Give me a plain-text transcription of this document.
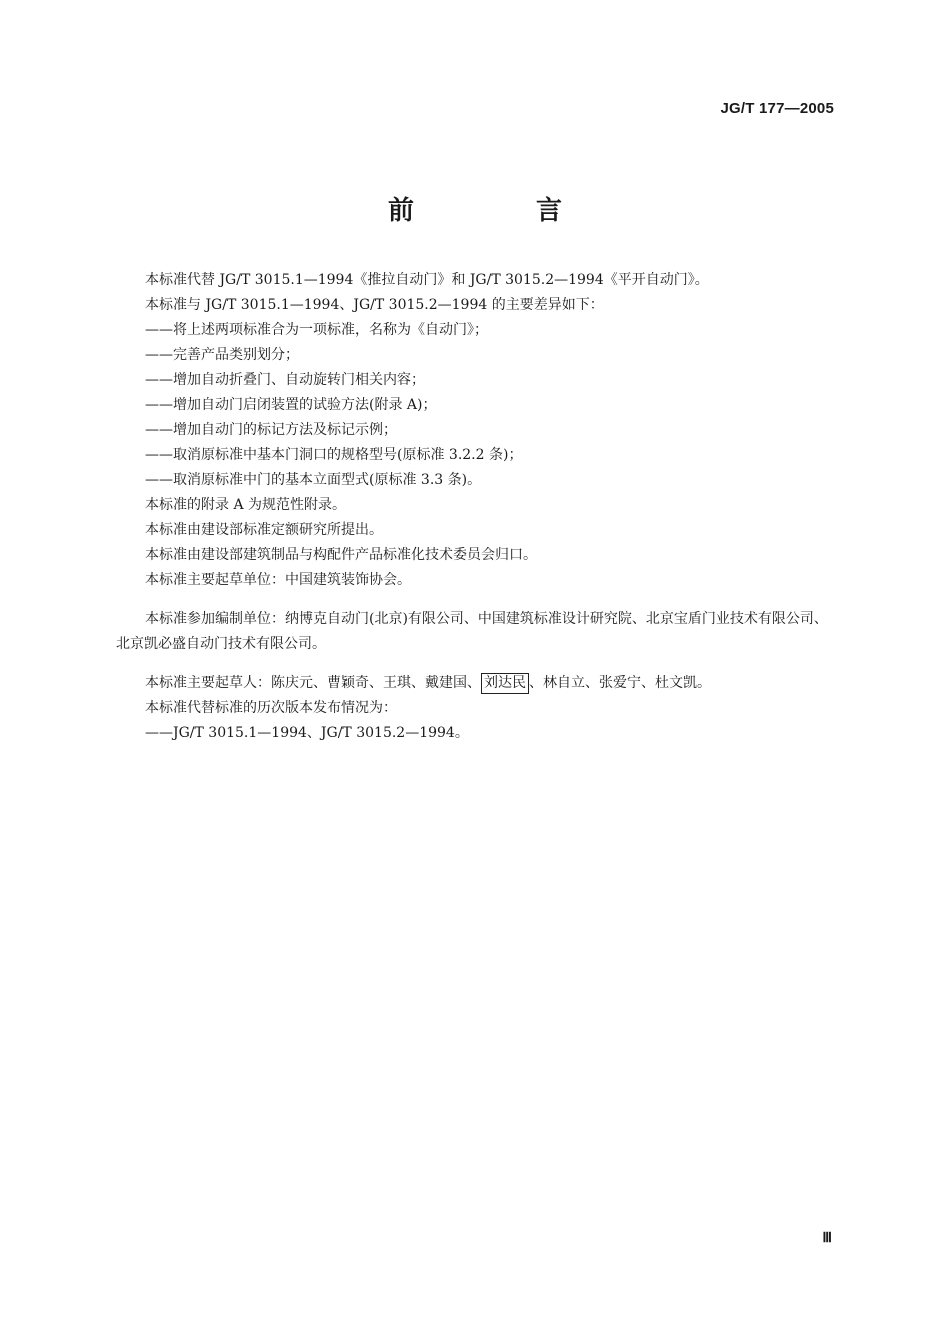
JG/T 177—2005
前　言

本标准代替 JG/T 3015.1—1994《推拉自动门》和 JG/T 3015.2—1994《平开自动门》。

本标准与 JG/T 3015.1—1994、JG/T 3015.2—1994 的主要差异如下：

——将上述两项标准合为一项标准，名称为《自动门》；

——完善产品类别划分；

——增加自动折叠门、自动旋转门相关内容；

——增加自动门启闭装置的试验方法(附录 A)；

——增加自动门的标记方法及标记示例；

——取消原标准中基本门洞口的规格型号(原标准 3.2.2 条)；

——取消原标准中门的基本立面型式(原标准 3.3 条)。

本标准的附录 A 为规范性附录。

本标准由建设部标准定额研究所提出。

本标准由建设部建筑制品与构配件产品标准化技术委员会归口。

本标准主要起草单位：中国建筑装饰协会。

本标准参加编制单位：纳博克自动门(北京)有限公司、中国建筑标准设计研究院、北京宝盾门业技术有限公司、北京凯必盛自动门技术有限公司。

本标准主要起草人：陈庆元、曹颖奇、王琪、戴建国、 刘达民 、林自立、张爱宁、杜文凯。

本标准代替标准的历次版本发布情况为：

——JG/T 3015.1—1994、JG/T 3015.2—1994。

Ⅲ
